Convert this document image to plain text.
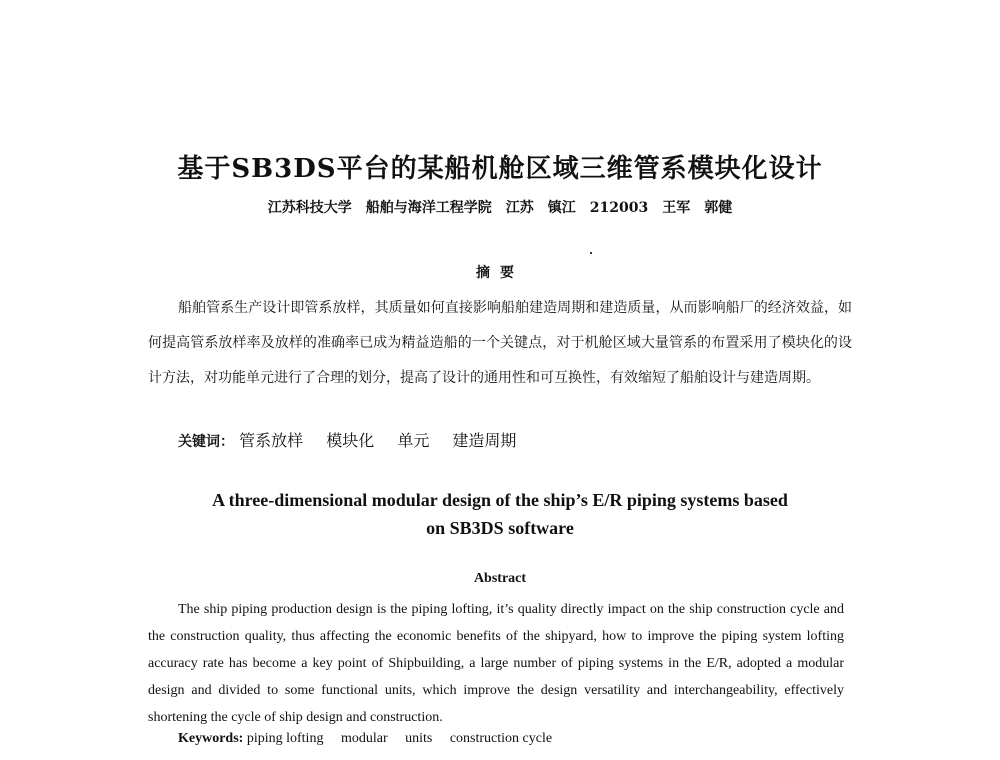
基于SB3DS平台的某船机舱区域三维管系模块化设计
江苏科技大学　船舶与海洋工程学院　江苏　镇江　212003　王军　郭健
摘要

船舶管系生产设计即管系放样，其质量如何直接影响船舶建造周期和建造质量，从而影响船厂的经济效益，如何提高管系放样率及放样的准确率已成为精益造船的一个关键点，对于机舱区域大量管系的布置采用了模块化的设计方法，对功能单元进行了合理的划分，提高了设计的通用性和可互换性，有效缩短了船舶设计与建造周期。

关键词： 管系放样 模块化 单元 建造周期
A three-dimensional modular design of the ship’s E/R piping systems based
on SB3DS software
Abstract

The ship piping production design is the piping lofting, it’s quality directly impact on the ship construction cycle and the construction quality, thus affecting the economic benefits of the shipyard, how to improve the piping system lofting accuracy rate has become a key point of Shipbuilding, a large number of piping systems in the E/R, adopted a modular design and divided to some functional units, which improve the design versatility and interchangeability, effectively shortening the cycle of ship design and construction.

Keywords: piping lofting modular units construction cycle
